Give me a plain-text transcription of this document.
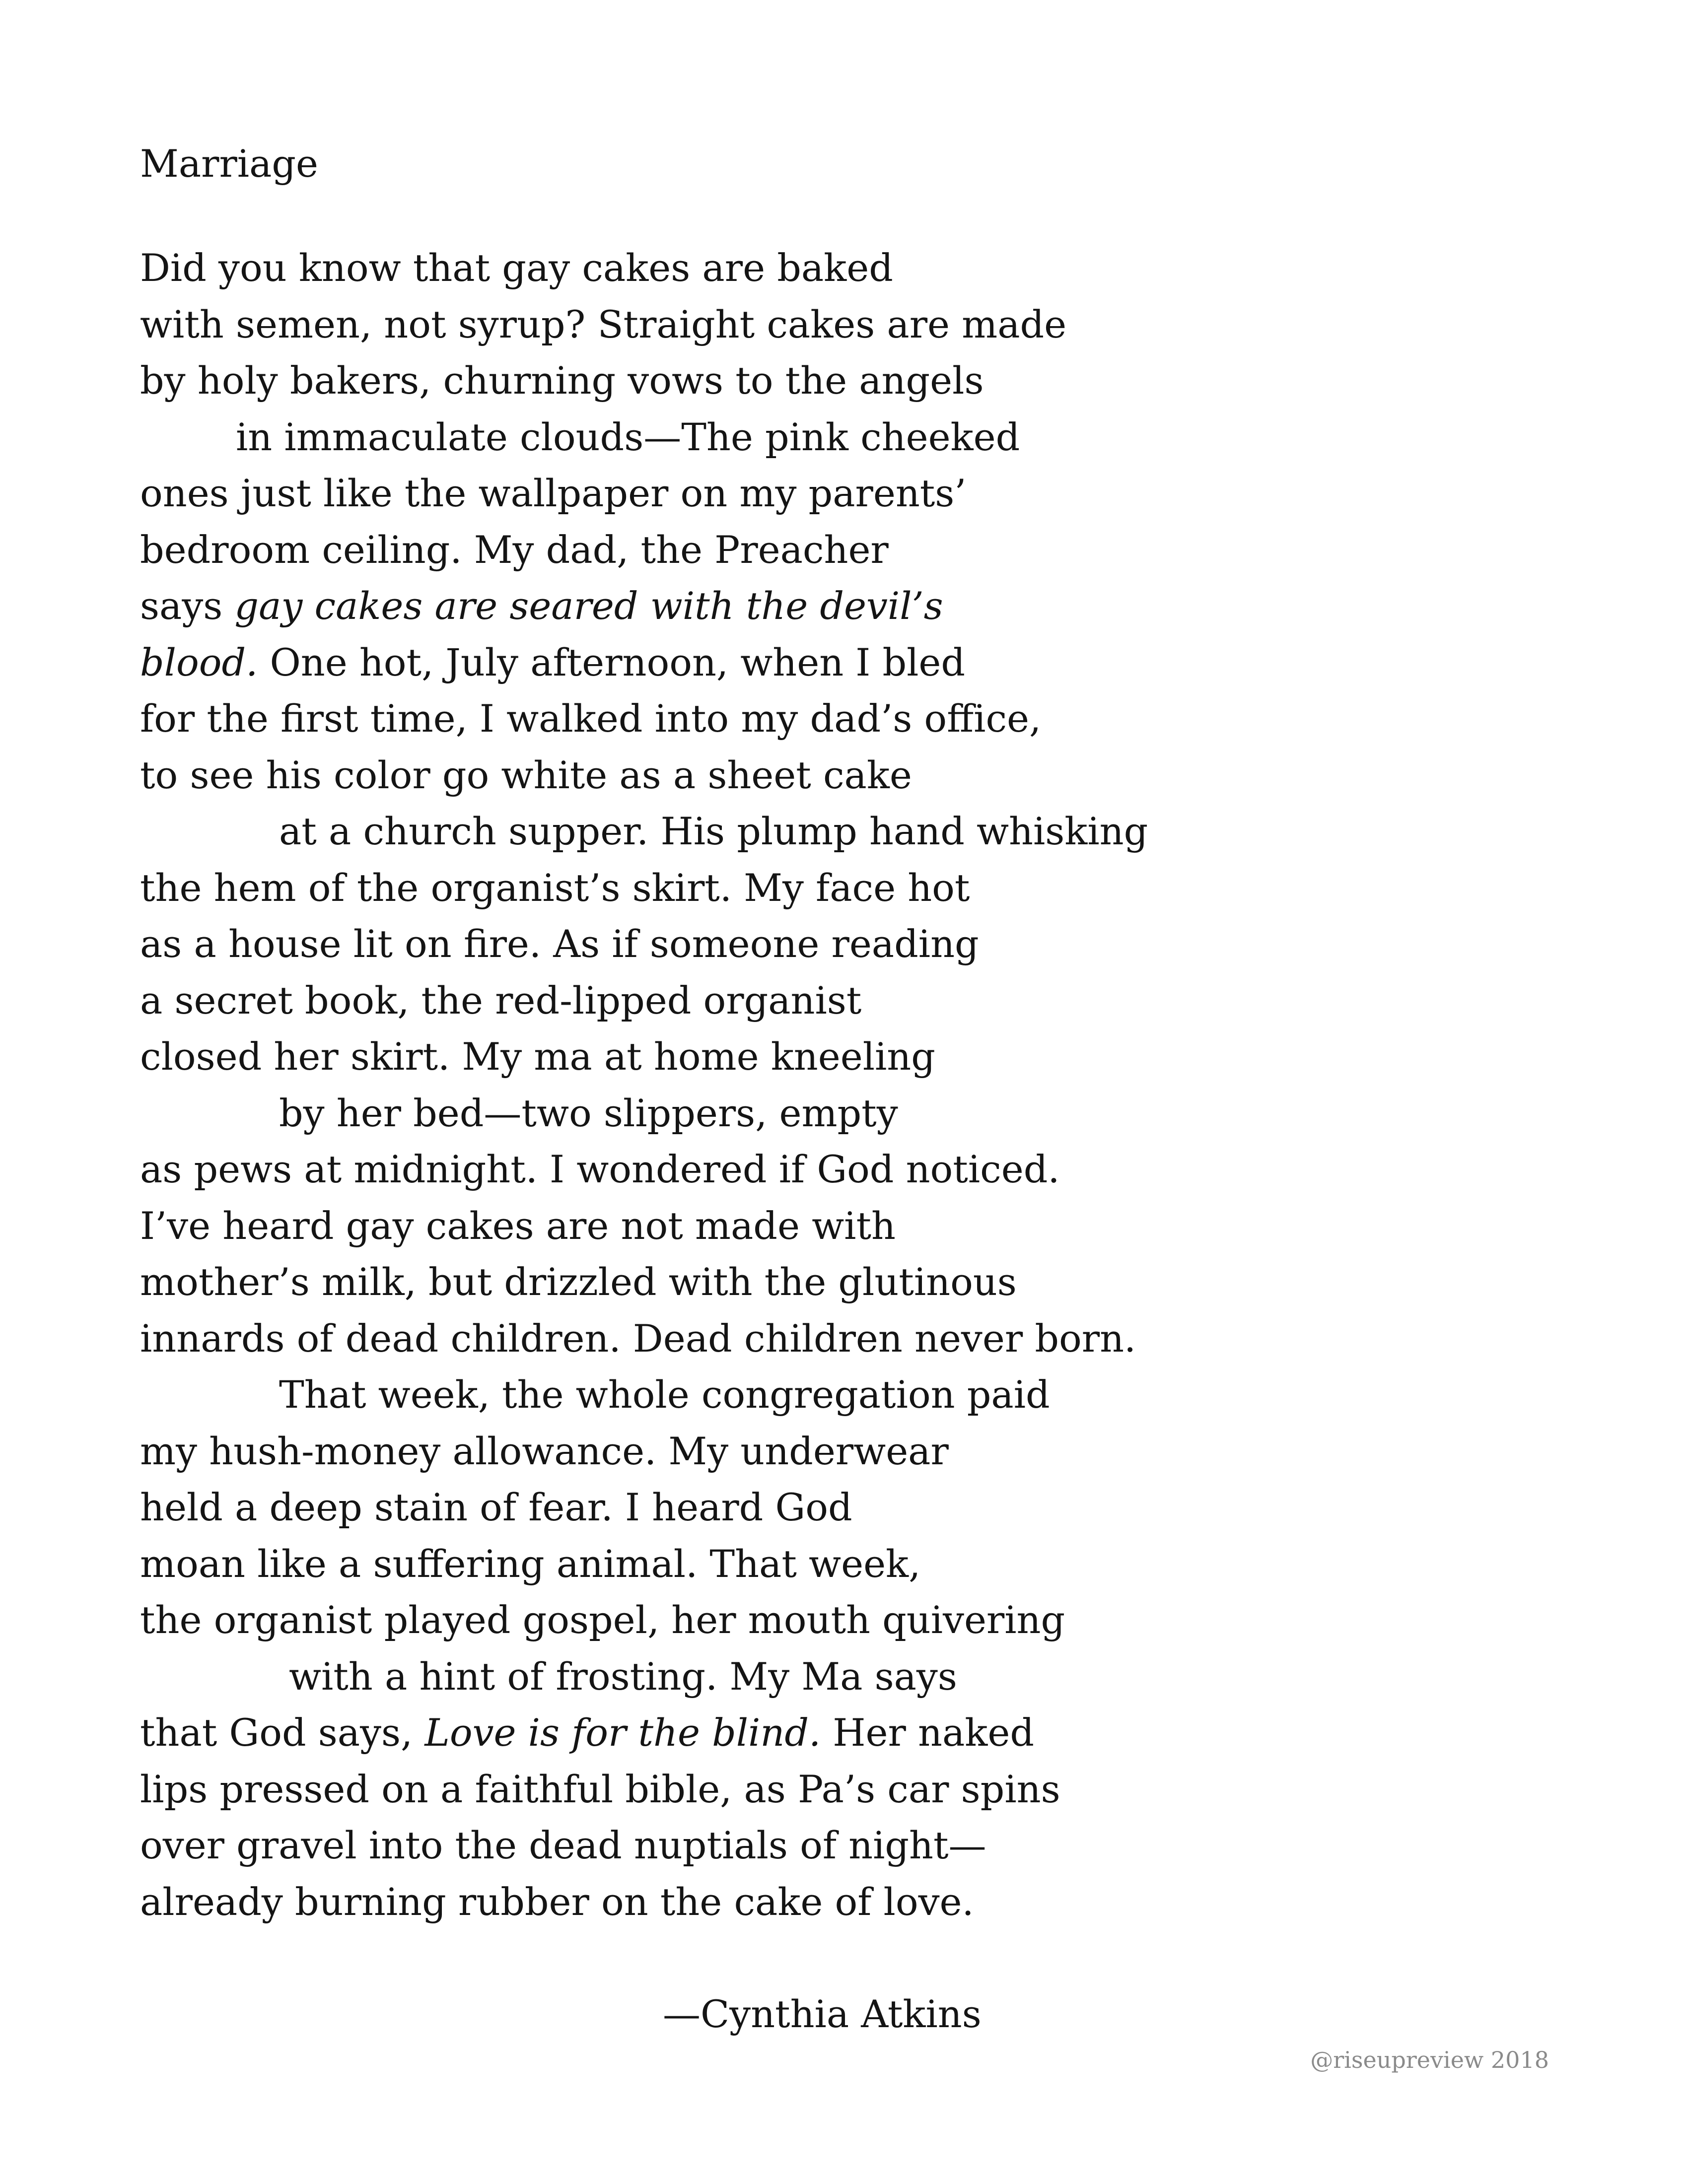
Marriage
Did you know that gay cakes are baked
with semen, not syrup? Straight cakes are made
by holy bakers, churning vows to the angels
in immaculate clouds—The pink cheeked
ones just like the wallpaper on my parents’
bedroom ceiling. My dad, the Preacher
says gay cakes are seared with the devil’s
blood. One hot, July afternoon, when I bled
for the first time, I walked into my dad’s office,
to see his color go white as a sheet cake
at a church supper. His plump hand whisking
the hem of the organist’s skirt. My face hot
as a house lit on fire. As if someone reading
a secret book, the red-lipped organist
closed her skirt. My ma at home kneeling
by her bed—two slippers, empty
as pews at midnight. I wondered if God noticed.
I’ve heard gay cakes are not made with
mother’s milk, but drizzled with the glutinous
innards of dead children. Dead children never born.
That week, the whole congregation paid
my hush-money allowance. My underwear
held a deep stain of fear. I heard God
moan like a suffering animal. That week,
the organist played gospel, her mouth quivering
with a hint of frosting. My Ma says
that God says, Love is for the blind. Her naked
lips pressed on a faithful bible, as Pa’s car spins
over gravel into the dead nuptials of night—
already burning rubber on the cake of love.
—Cynthia Atkins
@riseupreview 2018
